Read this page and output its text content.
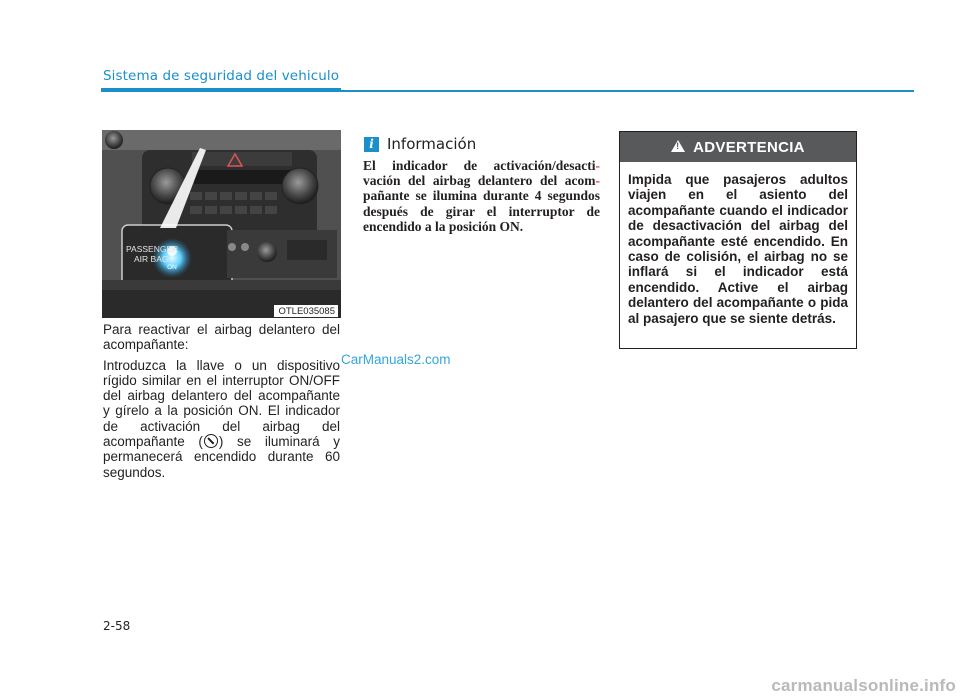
Sistema de seguridad del vehiculo
ON
PASSENGER
AIR BAG
OTLE035085

Para reactivar el airbag delantero del acompañante:

Introduzca la llave o un dispositivo rígido similar en el interruptor ON/OFF del airbag delantero del acompañante y gírelo a la posición ON. El indicador de activación del airbag del acompañante ( ) se iluminará y permanecerá encendido durante 60 segundos.

i Información
El indicador de activación/desacti- vación del airbag delantero del acom- pañante se ilumina durante 4 segundos después de girar el interruptor de encendido a la posición ON.
!
ADVERTENCIA
Impida que pasajeros adultos viajen en el asiento del acompañante cuando el indicador de desactivación del airbag del acompañante esté encendido. En caso de colisión, el airbag no se inflará si el indicador está encendido. Active el airbag delantero del acompañante o pida al pasajero que se siente detrás.
CarManuals2.com
2-58
carmanualsonline.info
